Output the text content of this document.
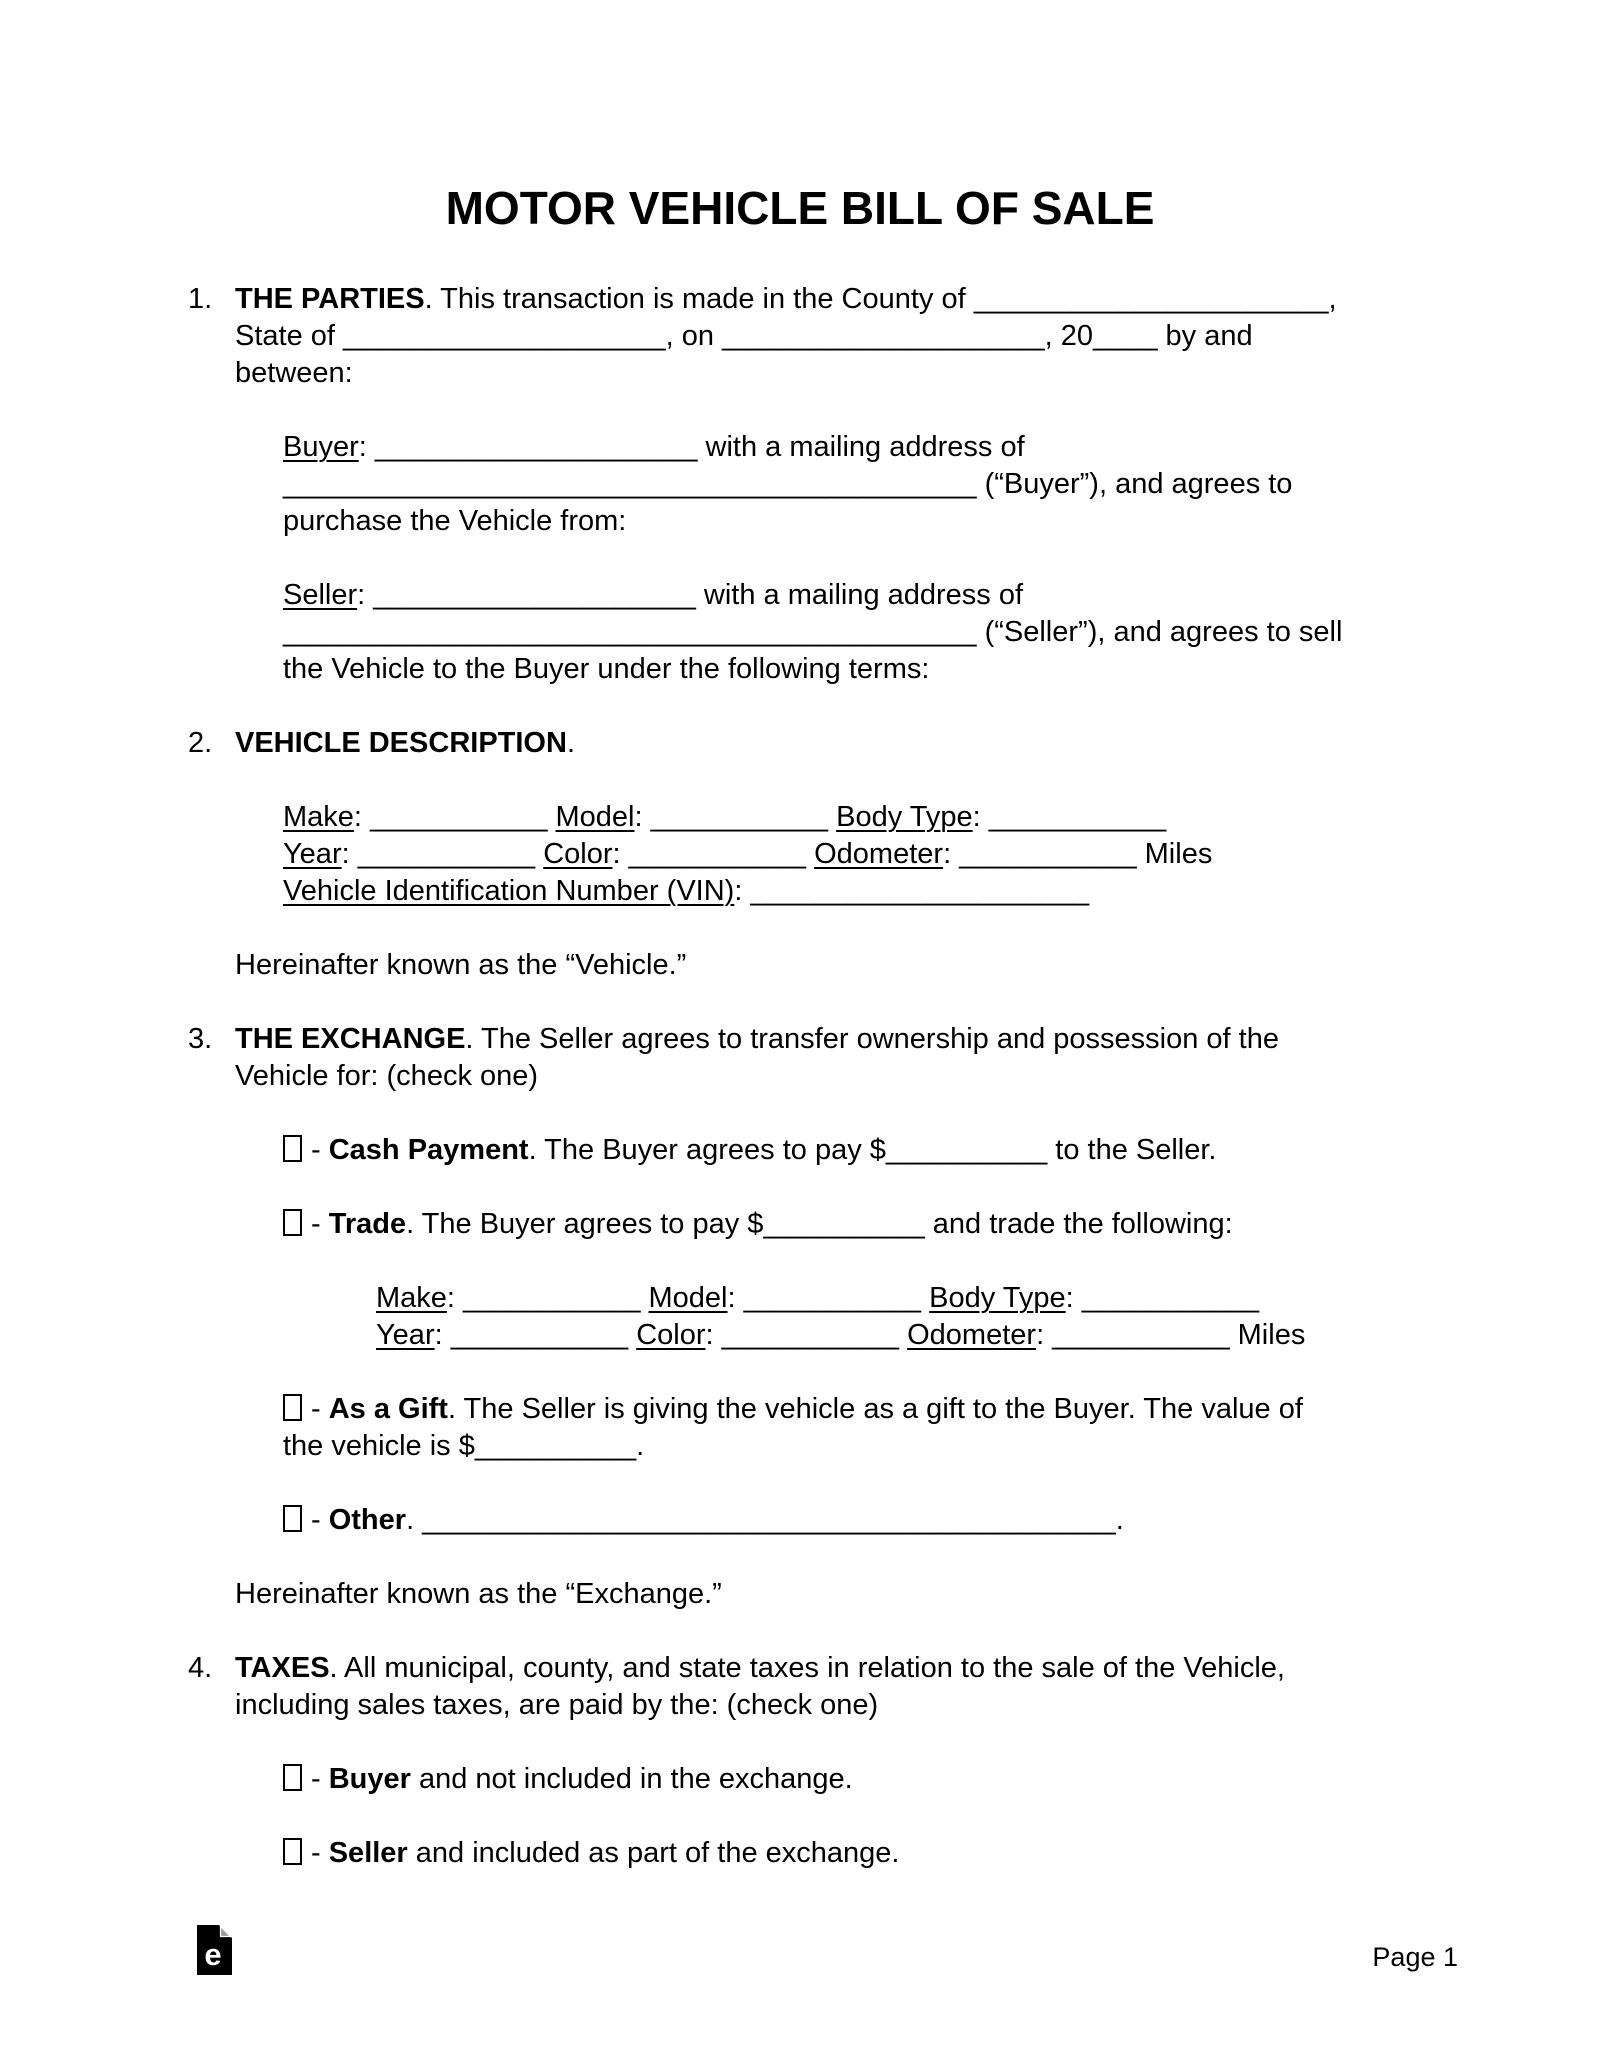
MOTOR VEHICLE BILL OF SALE
1. THE PARTIES. This transaction is made in the County of ______________________,
State of ____________________, on ____________________, 20____ by and
between:
Buyer: ____________________ with a mailing address of
___________________________________________ (“Buyer”), and agrees to
purchase the Vehicle from:
Seller: ____________________ with a mailing address of
___________________________________________ (“Seller”), and agrees to sell
the Vehicle to the Buyer under the following terms:
2. VEHICLE DESCRIPTION.
Make: ___________ Model: ___________ Body Type: ___________
Year: ___________ Color: ___________ Odometer: ___________ Miles
Vehicle Identification Number (VIN): _____________________
Hereinafter known as the “Vehicle.”
3. THE EXCHANGE. The Seller agrees to transfer ownership and possession of the
Vehicle for: (check one)
- Cash Payment. The Buyer agrees to pay $__________ to the Seller.
- Trade. The Buyer agrees to pay $__________ and trade the following:
Make: ___________ Model: ___________ Body Type: ___________
Year: ___________ Color: ___________ Odometer: ___________ Miles
- As a Gift. The Seller is giving the vehicle as a gift to the Buyer. The value of
the vehicle is $__________.
- Other. ___________________________________________.
Hereinafter known as the “Exchange.”
4. TAXES. All municipal, county, and state taxes in relation to the sale of the Vehicle,
including sales taxes, are paid by the: (check one)
- Buyer and not included in the exchange.
- Seller and included as part of the exchange.
e	Page 1
